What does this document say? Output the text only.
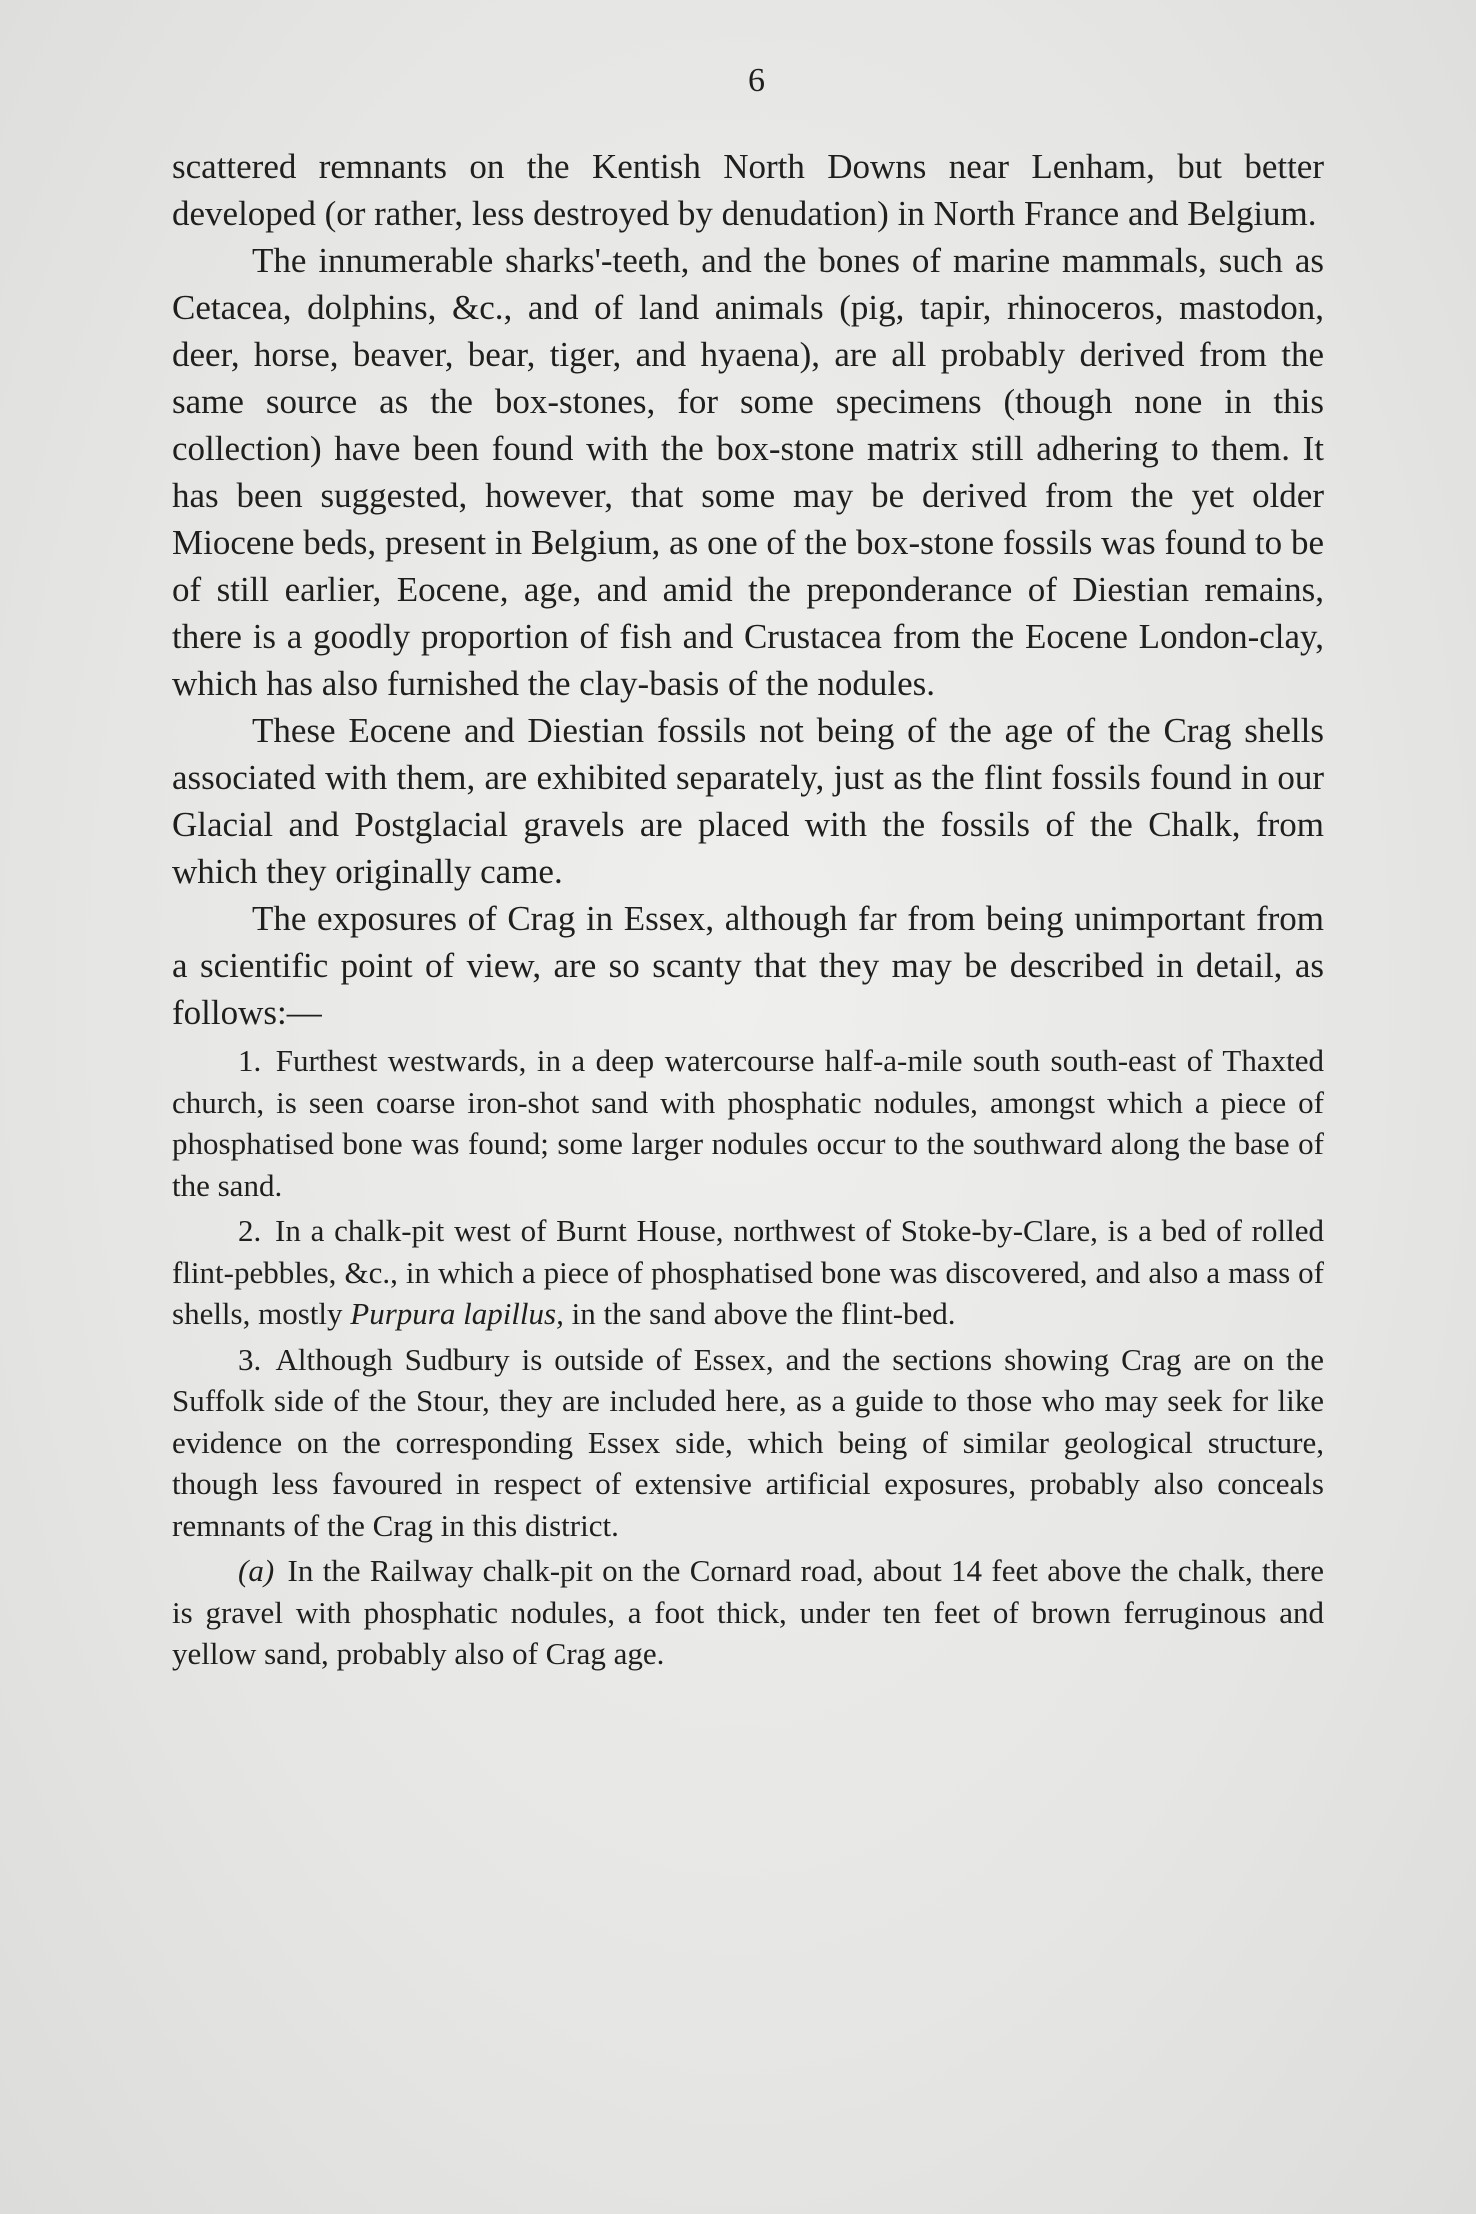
6

scattered remnants on the Kentish North Downs near Lenham, but better developed (or rather, less destroyed by denudation) in North France and Belgium.

The innumerable sharks'-teeth, and the bones of marine mammals, such as Cetacea, dolphins, &c., and of land animals (pig, tapir, rhinoceros, mastodon, deer, horse, beaver, bear, tiger, and hyaena), are all probably derived from the same source as the box-stones, for some specimens (though none in this collection) have been found with the box-stone matrix still adhering to them. It has been suggested, however, that some may be derived from the yet older Miocene beds, present in Belgium, as one of the box-stone fossils was found to be of still earlier, Eocene, age, and amid the preponderance of Diestian remains, there is a goodly proportion of fish and Crustacea from the Eocene London-clay, which has also furnished the clay-basis of the nodules.

These Eocene and Diestian fossils not being of the age of the Crag shells associated with them, are exhibited separately, just as the flint fossils found in our Glacial and Postglacial gravels are placed with the fossils of the Chalk, from which they originally came.

The exposures of Crag in Essex, although far from being unimportant from a scientific point of view, are so scanty that they may be described in detail, as follows:—

1. Furthest westwards, in a deep watercourse half-a-mile south south-east of Thaxted church, is seen coarse iron-shot sand with phosphatic nodules, amongst which a piece of phosphatised bone was found; some larger nodules occur to the southward along the base of the sand.

2. In a chalk-pit west of Burnt House, northwest of Stoke-by-Clare, is a bed of rolled flint-pebbles, &c., in which a piece of phosphatised bone was discovered, and also a mass of shells, mostly Purpura lapillus, in the sand above the flint-bed.

3. Although Sudbury is outside of Essex, and the sections showing Crag are on the Suffolk side of the Stour, they are included here, as a guide to those who may seek for like evidence on the corresponding Essex side, which being of similar geological structure, though less favoured in respect of extensive artificial exposures, probably also conceals remnants of the Crag in this district.

(a) In the Railway chalk-pit on the Cornard road, about 14 feet above the chalk, there is gravel with phosphatic nodules, a foot thick, under ten feet of brown ferruginous and yellow sand, probably also of Crag age.
